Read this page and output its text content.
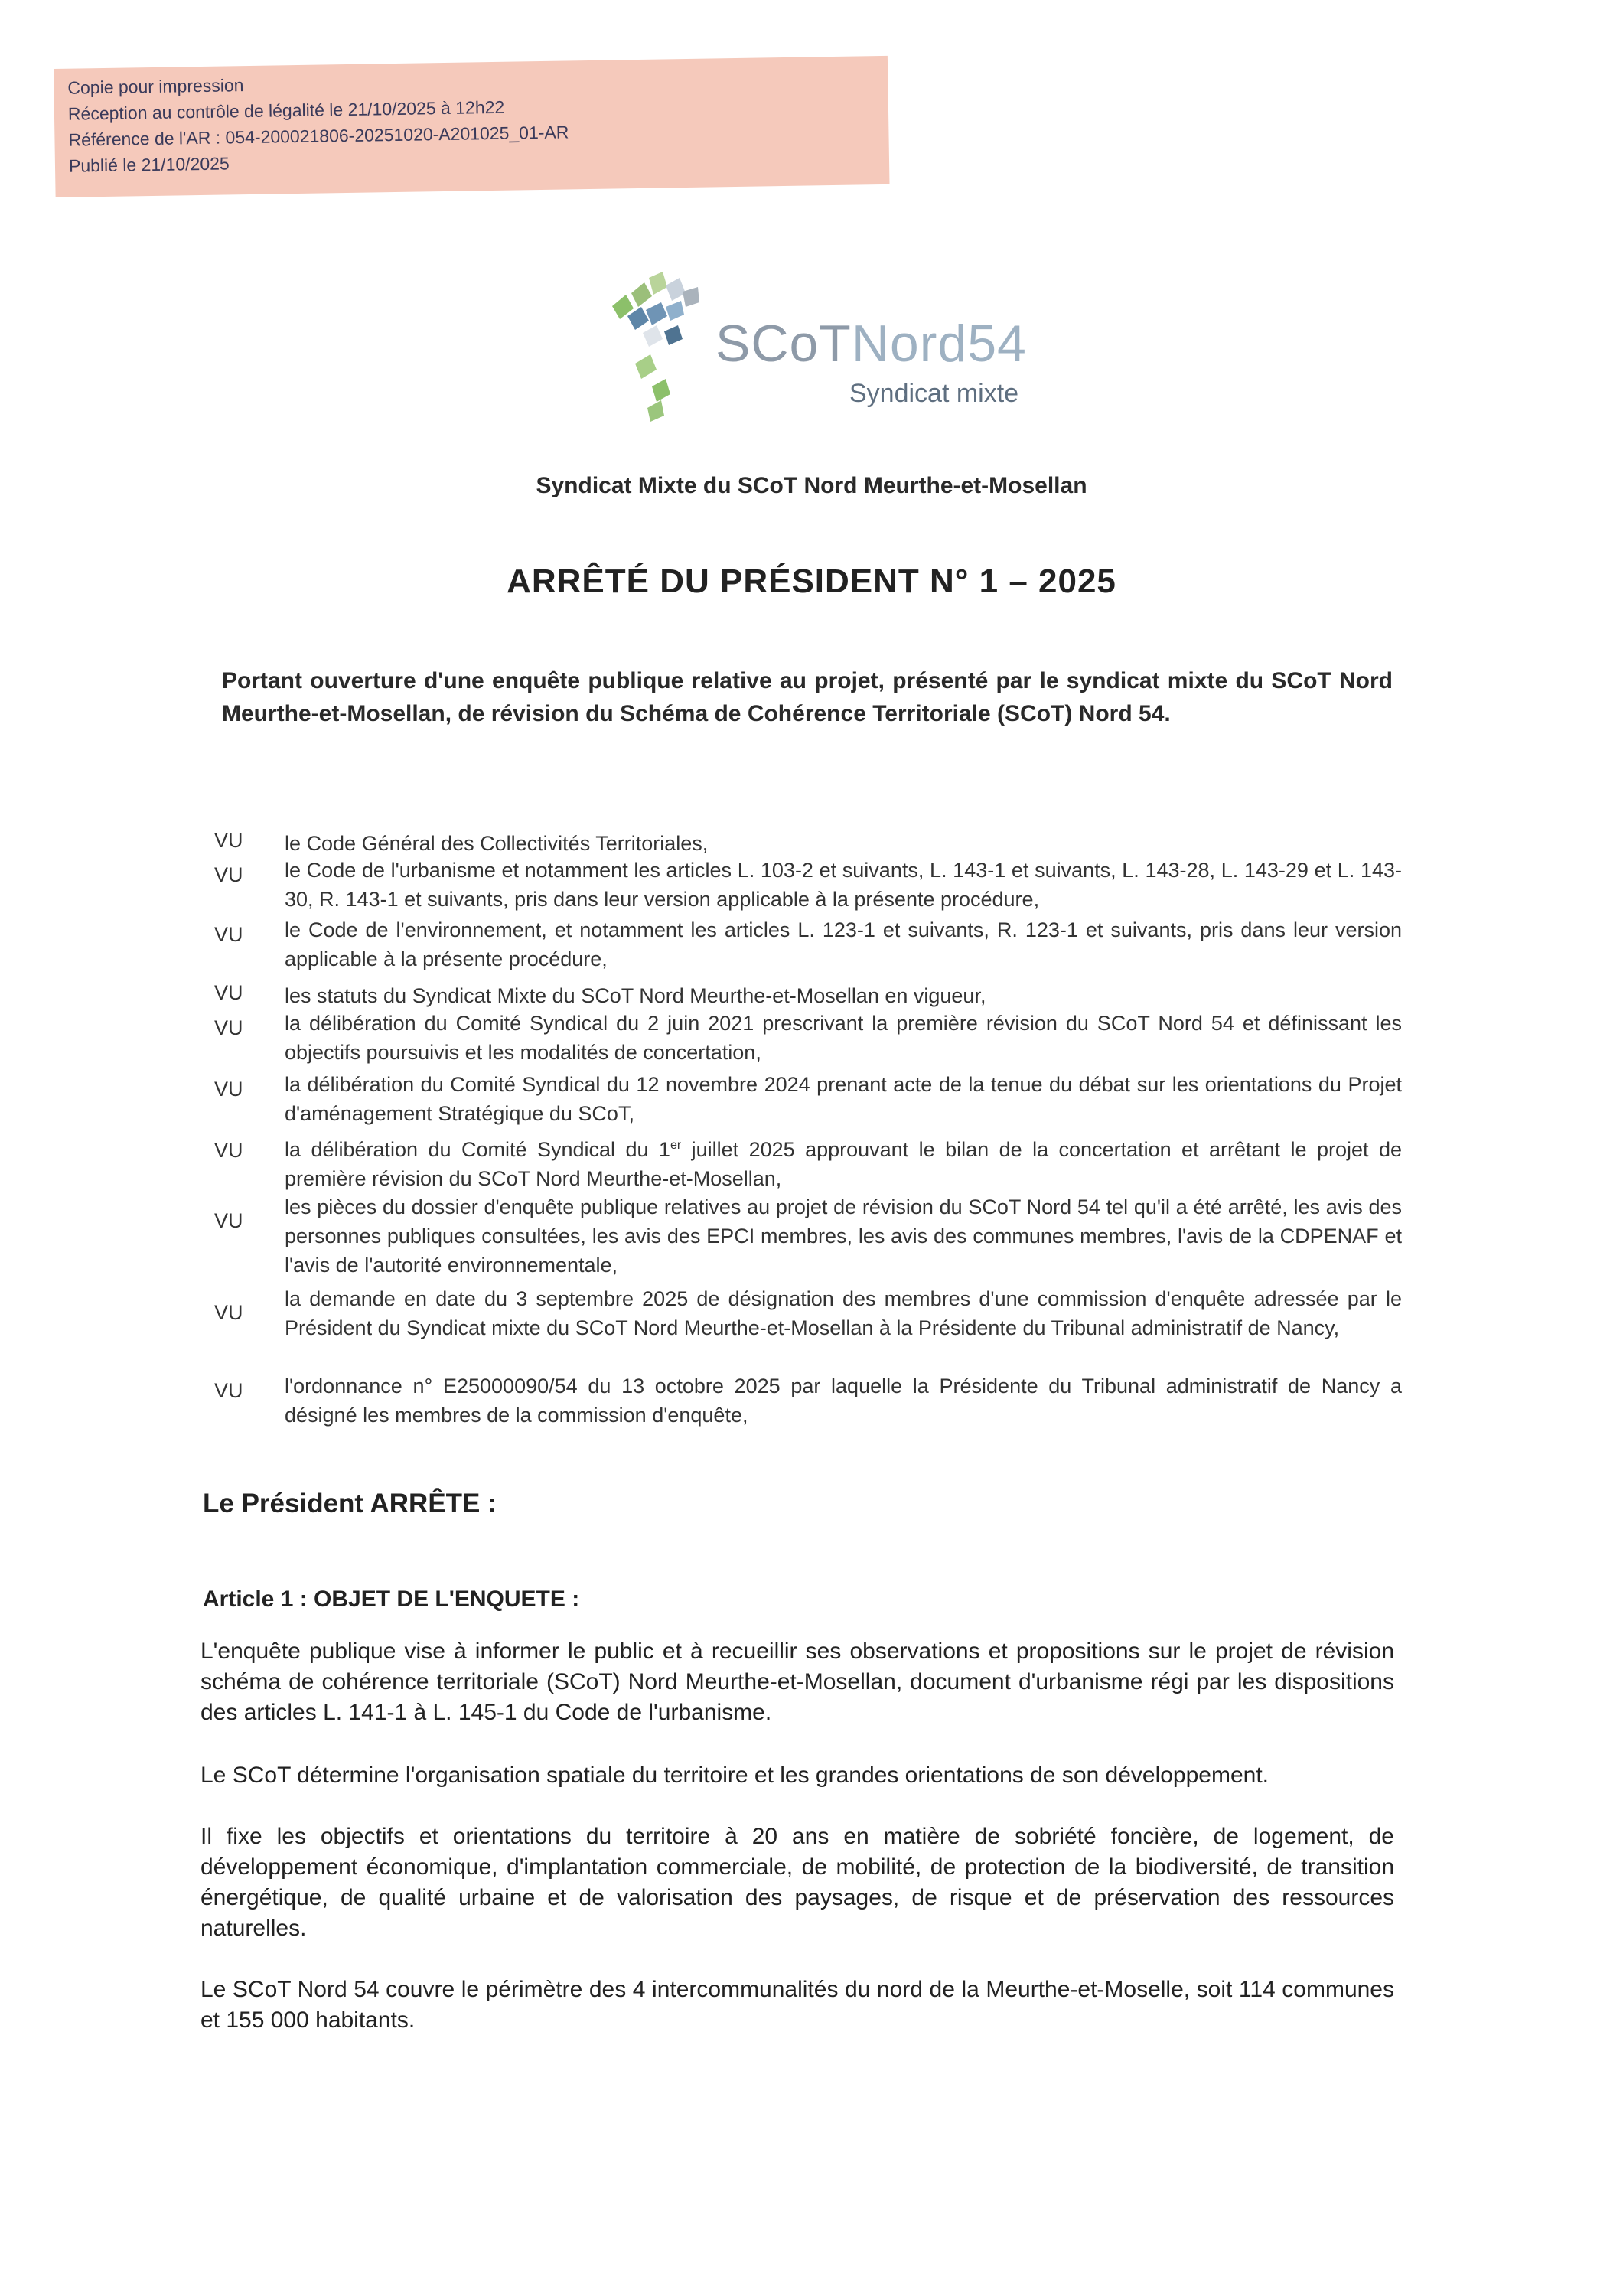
Copie pour impression
Réception au contrôle de légalité le 21/10/2025 à 12h22
Référence de l'AR : 054-200021806-20251020-A201025_01-AR
Publié le 21/10/2025
SCoTNord54
Syndicat mixte
Syndicat Mixte du SCoT Nord Meurthe-et-Mosellan
ARRÊTÉ DU PRÉSIDENT N° 1 – 2025
Portant ouverture d'une enquête publique relative au projet, présenté par le syndicat mixte du SCoT Nord Meurthe-et-Mosellan, de révision du Schéma de Cohérence Territoriale (SCoT) Nord 54.
VU le Code Général des Collectivités Territoriales,
VU le Code de l'urbanisme et notamment les articles L. 103-2 et suivants, L. 143-1 et suivants, L. 143-28, L. 143-29 et L. 143-30, R. 143-1 et suivants, pris dans leur version applicable à la présente procédure,
VU le Code de l'environnement, et notamment les articles L. 123-1 et suivants, R. 123-1 et suivants, pris dans leur version applicable à la présente procédure,
VU les statuts du Syndicat Mixte du SCoT Nord Meurthe-et-Mosellan en vigueur,
VU la délibération du Comité Syndical du 2 juin 2021 prescrivant la première révision du SCoT Nord 54 et définissant les objectifs poursuivis et les modalités de concertation,
VU la délibération du Comité Syndical du 12 novembre 2024 prenant acte de la tenue du débat sur les orientations du Projet d'aménagement Stratégique du SCoT,
VU la délibération du Comité Syndical du 1er juillet 2025 approuvant le bilan de la concertation et arrêtant le projet de première révision du SCoT Nord Meurthe-et-Mosellan,
VU
les pièces du dossier d'enquête publique relatives au projet de révision du SCoT Nord 54 tel qu'il a été arrêté, les avis des personnes publiques consultées, les avis des EPCI membres, les avis des communes membres, l'avis de la CDPENAF et l'avis de l'autorité environnementale,
VU
la demande en date du 3 septembre 2025 de désignation des membres d'une commission d'enquête adressée par le Président du Syndicat mixte du SCoT Nord Meurthe-et-Mosellan à la Présidente du Tribunal administratif de Nancy,
VU l'ordonnance n° E25000090/54 du 13 octobre 2025 par laquelle la Présidente du Tribunal administratif de Nancy a désigné les membres de la commission d'enquête,
Le Président ARRÊTE :
Article 1 : OBJET DE L'ENQUETE :
L'enquête publique vise à informer le public et à recueillir ses observations et propositions sur le projet de révision schéma de cohérence territoriale (SCoT) Nord Meurthe-et-Mosellan, document d'urbanisme régi par les dispositions des articles L. 141-1 à L. 145-1 du Code de l'urbanisme.
Le SCoT détermine l'organisation spatiale du territoire et les grandes orientations de son développement.
Il fixe les objectifs et orientations du territoire à 20 ans en matière de sobriété foncière, de logement, de développement économique, d'implantation commerciale, de mobilité, de protection de la biodiversité, de transition énergétique, de qualité urbaine et de valorisation des paysages, de risque et de préservation des ressources naturelles.
Le SCoT Nord 54 couvre le périmètre des 4 intercommunalités du nord de la Meurthe-et-Moselle, soit 114 communes et 155 000 habitants.
